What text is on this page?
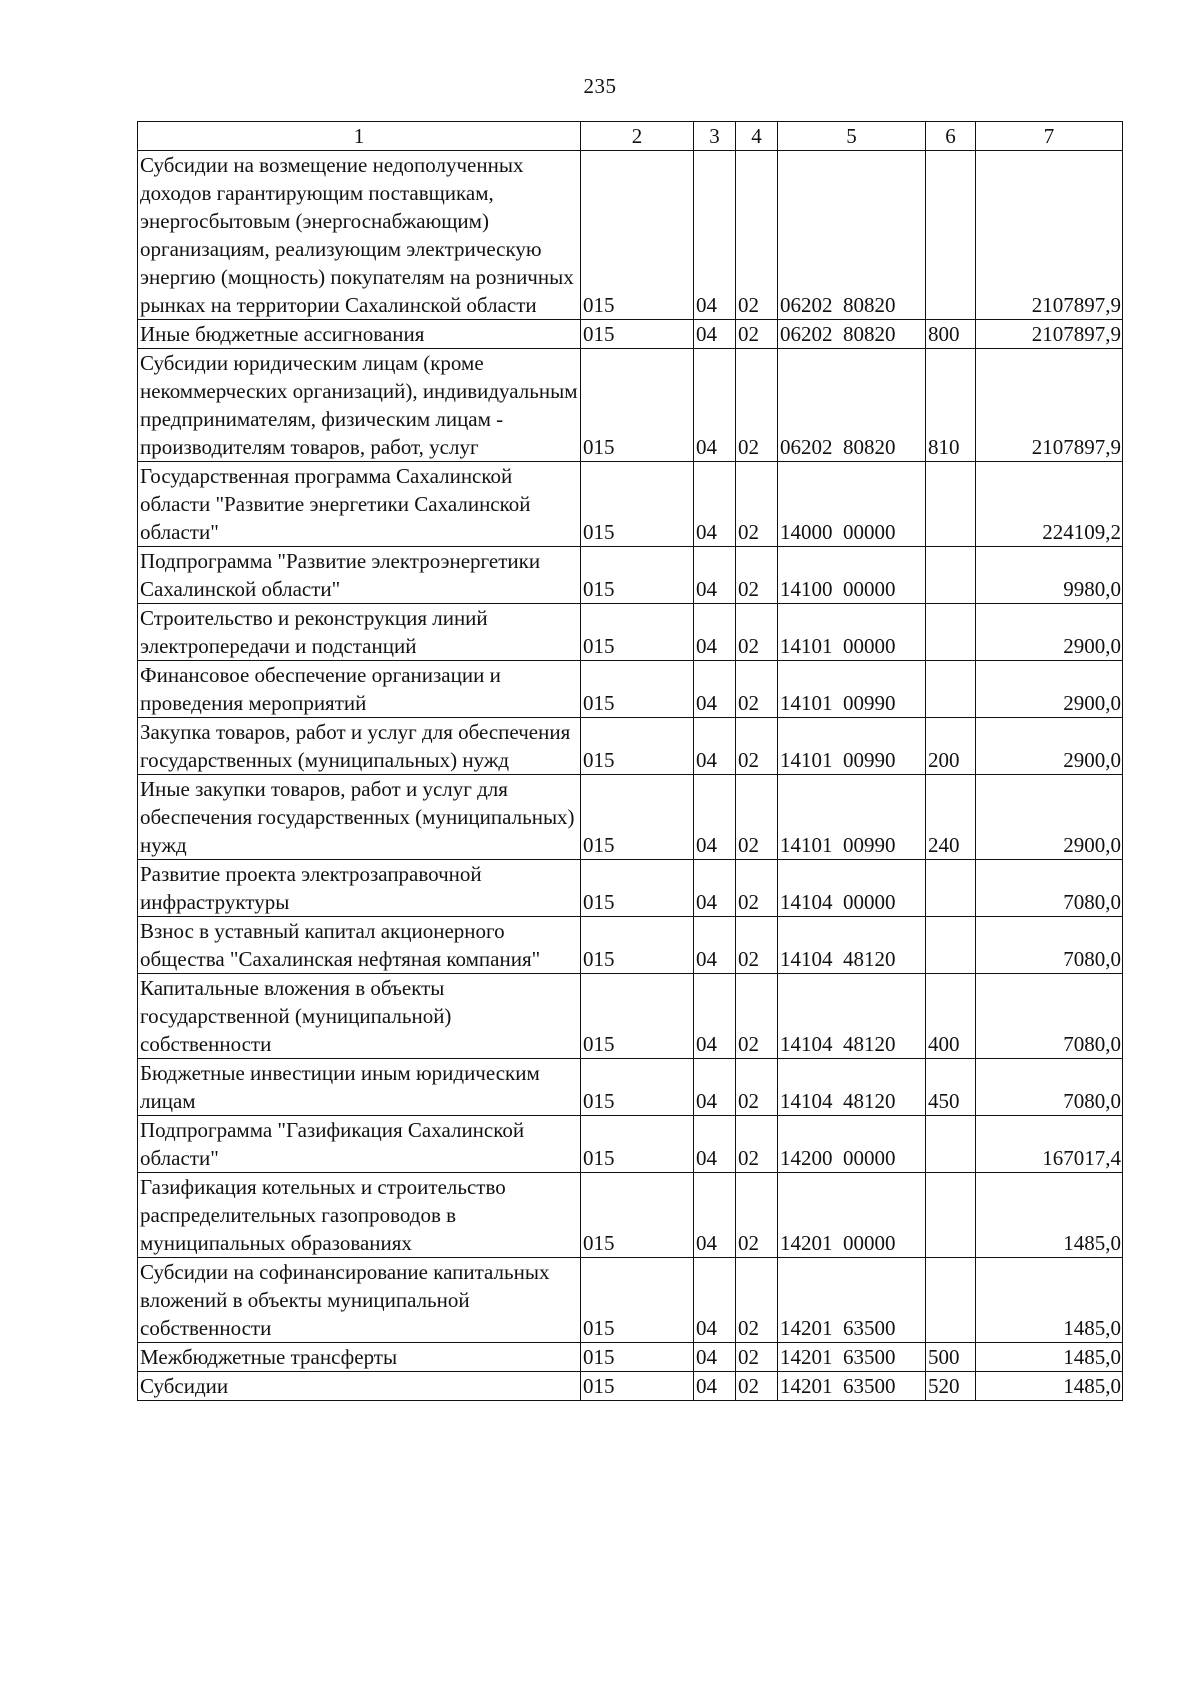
235
1	2	3	4	5	6	7
Субсидии на возмещение недополученных доходов гарантирующим поставщикам, энергосбытовым (энергоснабжающим) организациям, реализующим электрическую энергию (мощность) покупателям на розничных рынках на территории Сахалинской области	015	04	02	06202  80820		2107897,9
Иные бюджетные ассигнования	015	04	02	06202  80820	800	2107897,9
Субсидии юридическим лицам (кроме некоммерческих организаций), индивидуальным предпринимателям, физическим лицам - производителям товаров, работ, услуг	015	04	02	06202  80820	810	2107897,9
Государственная программа Сахалинской области "Развитие энергетики Сахалинской области"	015	04	02	14000  00000		224109,2
Подпрограмма "Развитие электроэнергетики Сахалинской области"	015	04	02	14100  00000		9980,0
Строительство и реконструкция линий электропередачи и подстанций	015	04	02	14101  00000		2900,0
Финансовое обеспечение организации и проведения мероприятий	015	04	02	14101  00990		2900,0
Закупка товаров, работ и услуг для обеспечения государственных (муниципальных) нужд	015	04	02	14101  00990	200	2900,0
Иные закупки товаров, работ и услуг для обеспечения государственных (муниципальных) нужд	015	04	02	14101  00990	240	2900,0
Развитие проекта электрозаправочной инфраструктуры	015	04	02	14104  00000		7080,0
Взнос в уставный капитал акционерного общества "Сахалинская нефтяная компания"	015	04	02	14104  48120		7080,0
Капитальные вложения в объекты государственной (муниципальной) собственности	015	04	02	14104  48120	400	7080,0
Бюджетные инвестиции иным юридическим лицам	015	04	02	14104  48120	450	7080,0
Подпрограмма "Газификация Сахалинской области"	015	04	02	14200  00000		167017,4
Газификация котельных и строительство распределительных газопроводов в муниципальных образованиях	015	04	02	14201  00000		1485,0
Субсидии на софинансирование капитальных вложений в объекты муниципальной собственности	015	04	02	14201  63500		1485,0
Межбюджетные трансферты	015	04	02	14201  63500	500	1485,0
Субсидии	015	04	02	14201  63500	520	1485,0
